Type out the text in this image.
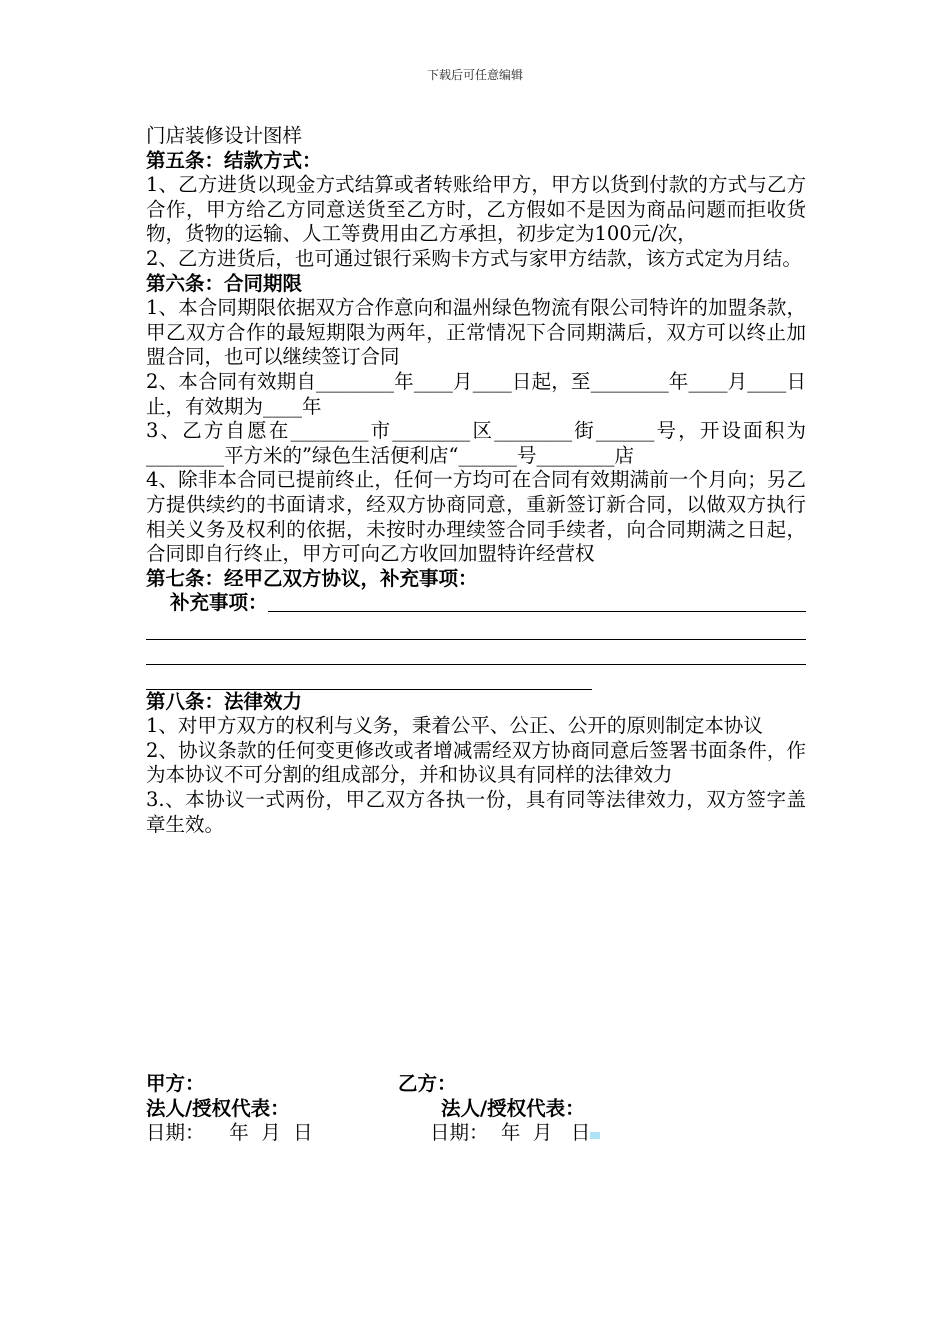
下载后可任意编辑

门店装修设计图样

第五条：结款方式：

1、乙方进货以现金方式结算或者转账给甲方，甲方以货到付款的方式与乙方合作，甲方给乙方同意送货至乙方时，乙方假如不是因为商品问题而拒收货物，货物的运输、人工等费用由乙方承担，初步定为100元/次，

2、乙方进货后，也可通过银行采购卡方式与家甲方结款，该方式定为月结。

第六条：合同期限

1、本合同期限依据双方合作意向和温州绿色物流有限公司特许的加盟条款，甲乙双方合作的最短期限为两年，正常情况下合同期满后，双方可以终止加盟合同，也可以继续签订合同

2、本合同有效期自________年____月____日起，至________年____月____日止，有效期为____年

3、乙方自愿在________市________区________街______号，开设面积为________平方米的”绿色生活便利店“______号________店

4、除非本合同已提前终止，任何一方均可在合同有效期满前一个月向；另乙方提供续约的书面请求，经双方协商同意，重新签订新合同，以做双方执行相关义务及权利的依据，未按时办理续签合同手续者，向合同期满之日起，合同即自行终止，甲方可向乙方收回加盟特许经营权

第七条：经甲乙双方协议，补充事项：

补充事项：

第八条：法律效力

1、对甲方双方的权利与义务，秉着公平、公正、公开的原则制定本协议

2、协议条款的任何变更修改或者增减需经双方协商同意后签署书面条件，作为本协议不可分割的组成部分，并和协议具有同样的法律效力

3.、本协议一式两份，甲乙双方各执一份，具有同等法律效力，双方签字盖章生效。

甲方：	乙方：
法人/授权代表：	法人/授权代表：
日期：    年  月  日	日期：  年  月   日
